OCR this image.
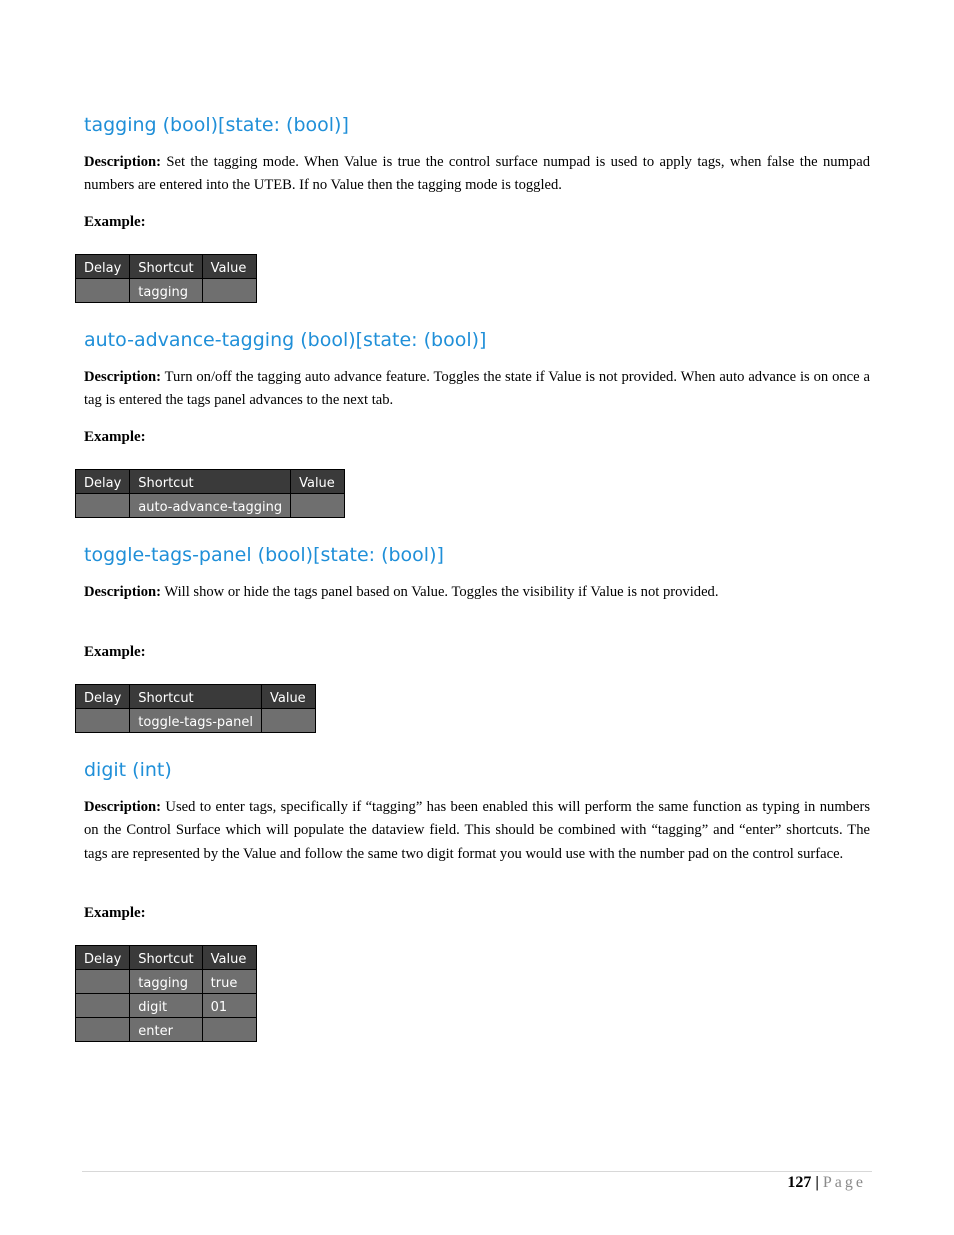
tagging (bool)[state: (bool)]

Description: Set the tagging mode. When Value is true the control surface numpad is used to apply tags, when false the numpad numbers are entered into the UTEB. If no Value then the tagging mode is toggled.

Example:
Delay	Shortcut	Value
	tagging	
auto-advance-tagging (bool)[state: (bool)]

Description: Turn on/off the tagging auto advance feature. Toggles the state if Value is not provided. When auto advance is on once a tag is entered the tags panel advances to the next tab.

Example:
Delay	Shortcut	Value
	auto-advance-tagging	
toggle-tags-panel (bool)[state: (bool)]

Description: Will show or hide the tags panel based on Value. Toggles the visibility if Value is not provided.

Example:
Delay	Shortcut	Value
	toggle-tags-panel	
digit (int)

Description: Used to enter tags, specifically if “tagging” has been enabled this will perform the same function as typing in numbers on the Control Surface which will populate the dataview field. This should be combined with “tagging” and “enter” shortcuts. The tags are represented by the Value and follow the same two digit format you would use with the number pad on the control surface.

Example:
Delay	Shortcut	Value
	tagging	true
	digit	01
	enter	
127 | Page
